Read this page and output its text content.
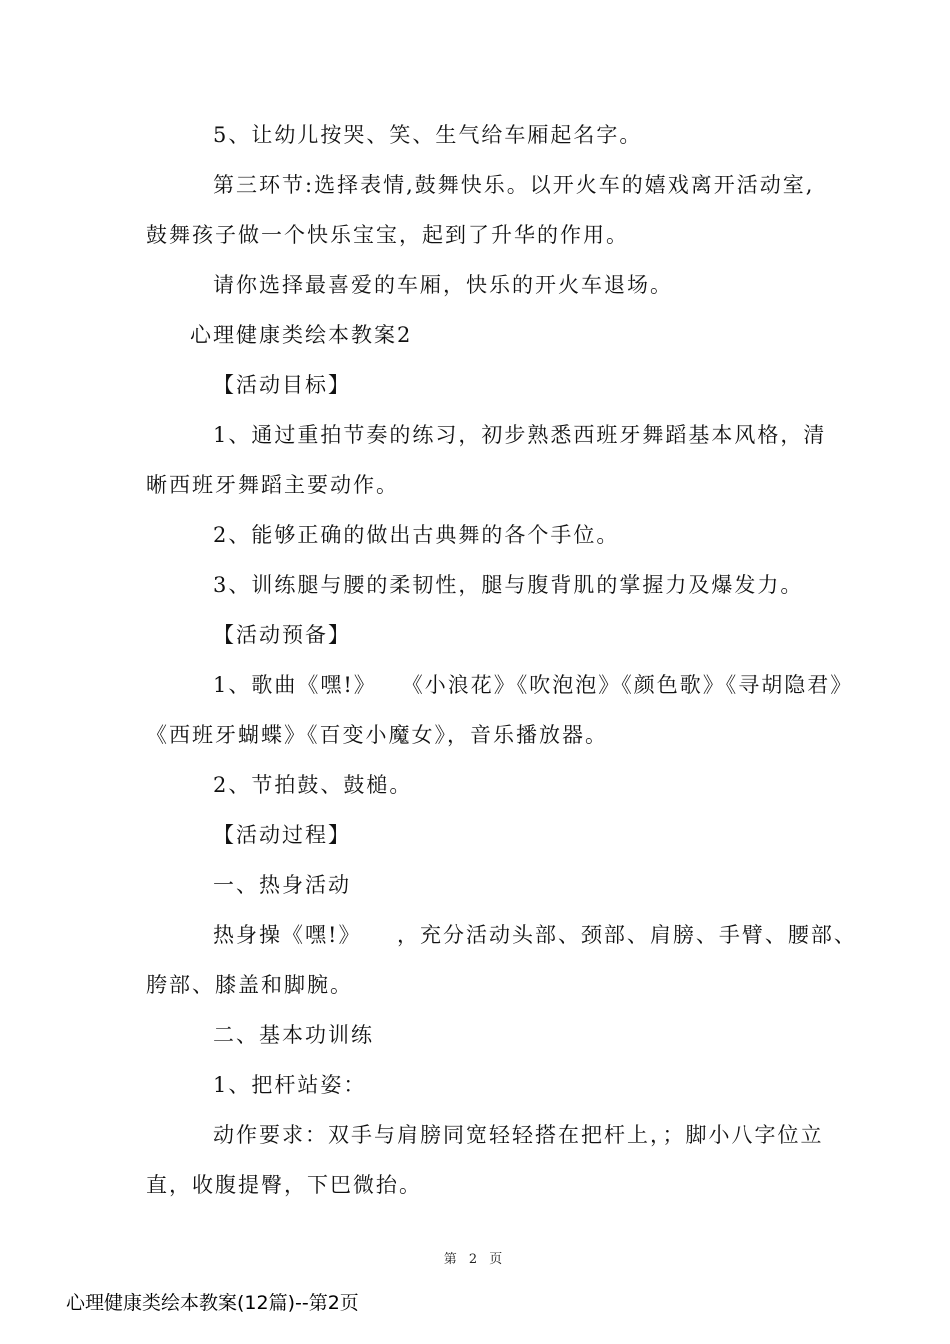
5、让幼儿按哭、笑、生气给车厢起名字。
第三环节:选择表情,鼓舞快乐。以开火车的嬉戏离开活动室,
鼓舞孩子做一个快乐宝宝，起到了升华的作用。
请你选择最喜爱的车厢，快乐的开火车退场。
心理健康类绘本教案2
【活动目标】
1、通过重拍节奏的练习，初步熟悉西班牙舞蹈基本风格，清
晰西班牙舞蹈主要动作。
2、能够正确的做出古典舞的各个手位。
3、训练腿与腰的柔韧性，腿与腹背肌的掌握力及爆发力。
【活动预备】
1、歌曲《嘿!》　　《小浪花》《吹泡泡》《颜色歌》《寻胡隐君》
《西班牙蝴蝶》《百变小魔女》，音乐播放器。
2、节拍鼓、鼓槌。
【活动过程】
一、热身活动
热身操《嘿!》　　，充分活动头部、颈部、肩膀、手臂、腰部、
胯部、膝盖和脚腕。
二、基本功训练
1、把杆站姿：
动作要求：双手与肩膀同宽轻轻搭在把杆上，；脚小八字位立
直，收腹提臀，下巴微抬。
第 2 页
心理健康类绘本教案(12篇)--第2页
